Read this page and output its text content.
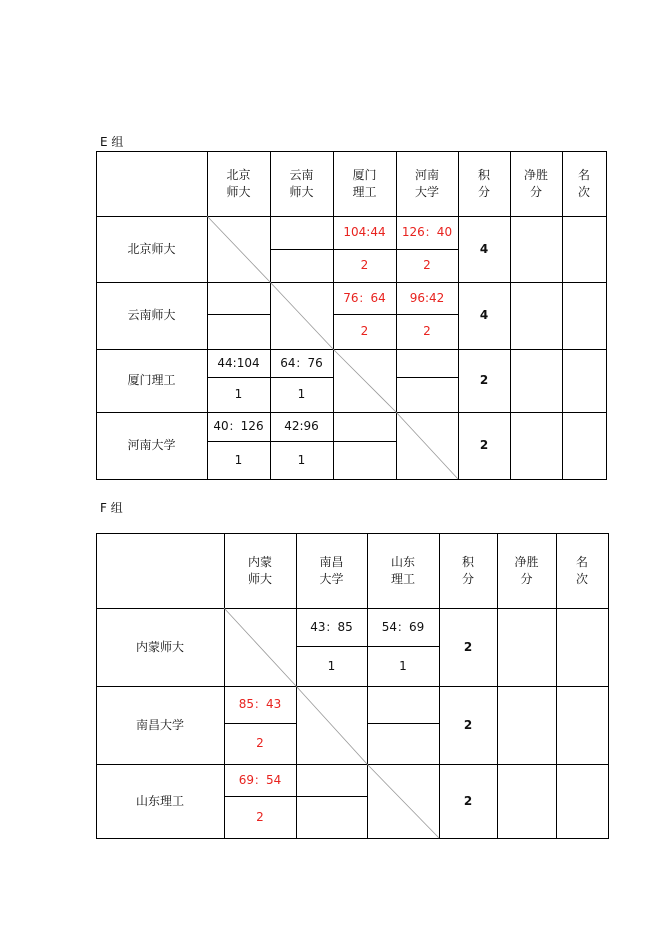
E 组
北京
师大
云南
师大
厦门
理工
河南
大学
积
分
净胜
分
名
次
北京师大
104:44
2
126：40
2
4
云南师大
76：64
2
96:42
2
4
厦门理工
44:104
1
64：76
1
2
河南大学
40：126
1
42:96
1
2
F 组
内蒙
师大
南昌
大学
山东
理工
积
分
净胜
分
名
次
内蒙师大
43：85
1
54：69
1
2
南昌大学
85：43
2
2
山东理工
69：54
2
2
